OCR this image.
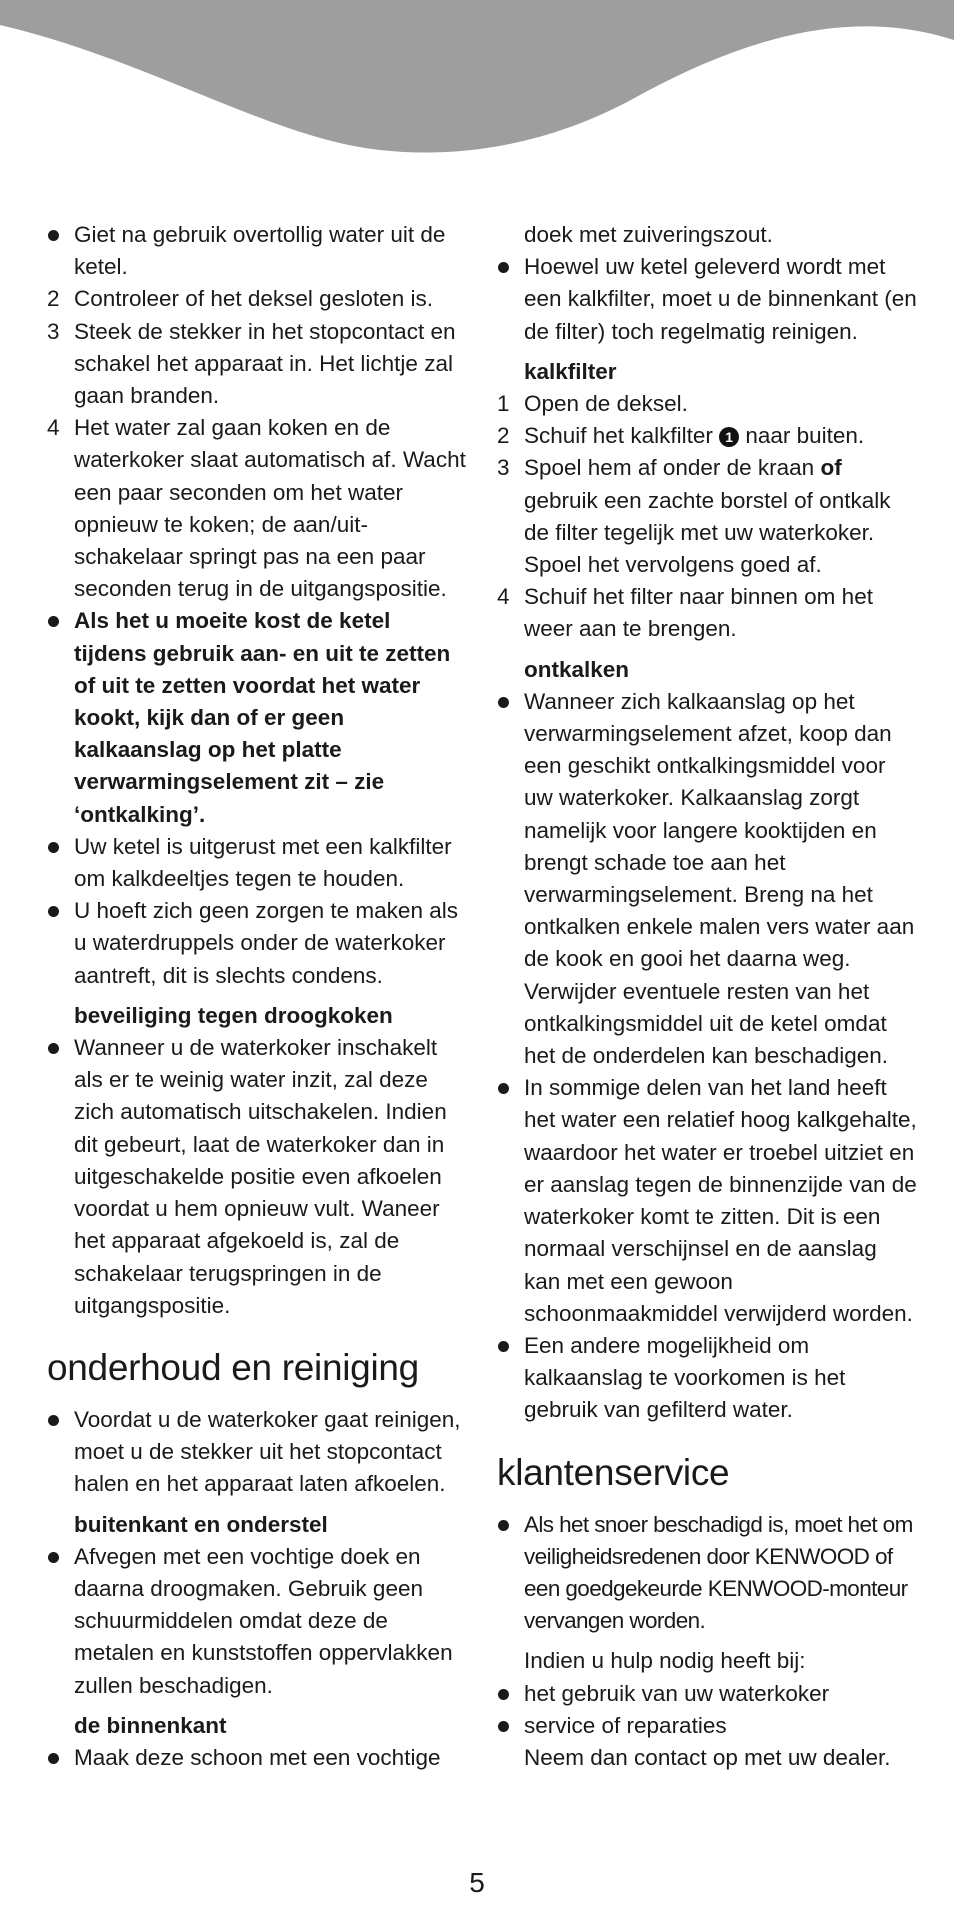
Giet na gebruik overtollig water uit de ketel.
2 Controleer of het deksel gesloten is.
3 Steek de stekker in het stopcontact en schakel het apparaat in. Het lichtje zal gaan branden.
4 Het water zal gaan koken en de waterkoker slaat automatisch af. Wacht een paar seconden om het water opnieuw te koken; de aan/uit-schakelaar springt pas na een paar seconden terug in de uitgangspositie.
Als het u moeite kost de ketel tijdens gebruik aan- en uit te zetten of uit te zetten voordat het water kookt, kijk dan of er geen kalkaanslag op het platte verwarmingselement zit – zie ‘ontkalking’.
Uw ketel is uitgerust met een kalkfilter om kalkdeeltjes tegen te houden.
U hoeft zich geen zorgen te maken als u waterdruppels onder de waterkoker aantreft, dit is slechts condens.
beveiliging tegen droogkoken
Wanneer u de waterkoker inschakelt als er te weinig water inzit, zal deze zich automatisch uitschakelen. Indien dit gebeurt, laat de waterkoker dan in uitgeschakelde positie even afkoelen voordat u hem opnieuw vult. Waneer het apparaat afgekoeld is, zal de schakelaar terugspringen in de uitgangspositie.
onderhoud en reiniging
Voordat u de waterkoker gaat reinigen, moet u de stekker uit het stopcontact halen en het apparaat laten afkoelen.
buitenkant en onderstel
Afvegen met een vochtige doek en daarna droogmaken. Gebruik geen schuurmiddelen omdat deze de metalen en kunststoffen oppervlakken zullen beschadigen.
de binnenkant
Maak deze schoon met een vochtige
doek met zuiveringszout.
Hoewel uw ketel geleverd wordt met een kalkfilter, moet u de binnenkant (en de filter) toch regelmatig reinigen.
kalkfilter
1 Open de deksel.
2 Schuif het kalkfilter 1 naar buiten.
3 Spoel hem af onder de kraan of gebruik een zachte borstel of ontkalk de filter tegelijk met uw waterkoker. Spoel het vervolgens goed af.
4 Schuif het filter naar binnen om het weer aan te brengen.
ontkalken
Wanneer zich kalkaanslag op het verwarmingselement afzet, koop dan een geschikt ontkalkingsmiddel voor uw waterkoker. Kalkaanslag zorgt namelijk voor langere kooktijden en brengt schade toe aan het verwarmingselement. Breng na het ontkalken enkele malen vers water aan de kook en gooi het daarna weg. Verwijder eventuele resten van het ontkalkingsmiddel uit de ketel omdat het de onderdelen kan beschadigen.
In sommige delen van het land heeft het water een relatief hoog kalkgehalte, waardoor het water er troebel uitziet en er aanslag tegen de binnenzijde van de waterkoker komt te zitten. Dit is een normaal verschijnsel en de aanslag kan met een gewoon schoonmaakmiddel verwijderd worden.
Een andere mogelijkheid om kalkaanslag te voorkomen is het gebruik van gefilterd water.
klantenservice
Als het snoer beschadigd is, moet het om veiligheidsredenen door KENWOOD of een goedgekeurde KENWOOD-monteur vervangen worden.
Indien u hulp nodig heeft bij:
het gebruik van uw waterkoker
service of reparaties
Neem dan contact op met uw dealer.
5
